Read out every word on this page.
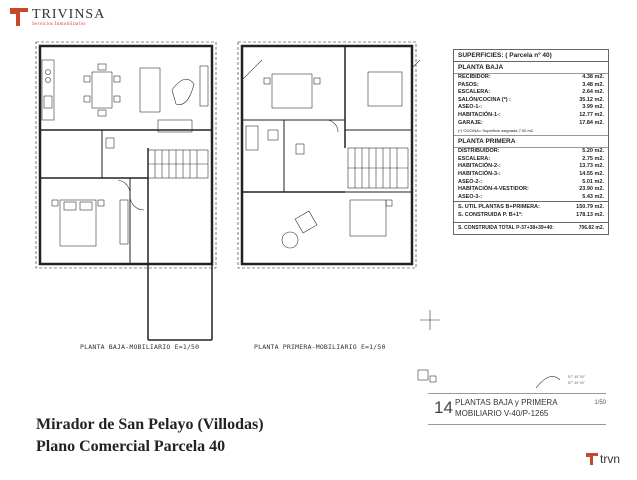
TRIVINSA
Servicios Inmobiliarios
57° 49' 00"
57° 49' 00"
PLANTA BAJA-MOBILIARIO E=1/50	PLANTA PRIMERA-MOBILIARIO E=1/50
SUPERFICIES: ( Parcela nº 40)
PLANTA BAJA
RECIBIDOR:	4.38 m2.
PASOS:	3.48 m2.
ESCALERA:	2.64 m2.
SALÓN/COCINA (*) :	35.12 m2.
ASEO-1-:	3.99 m2.
HABITACIÓN-1-:	12.77 m2.
GARAJE:	17.84 m2.
(*) COCINA= Superficie asignada 7.00 m2.
PLANTA PRIMERA
DISTRIBUIDOR:	5.20 m2.
ESCALERA:	2.75 m2.
HABITACIÓN-2-:	13.73 m2.
HABITACIÓN-3-:	14.55 m2.
ASEO-2-:	5.01 m2.
HABITACIÓN-4-VESTIDOR:	23.90 m2.
ASEO-3-:	5.43 m2.
S. UTIL PLANTAS B+PRIMERA:	150.79 m2.
S. CONSTRUIDA P. B+1ª:	178.13 m2.
S. CONSTRUIDA TOTAL P-37+38+39+40:	706.82 m2.
Mirador de San Pelayo (Villodas)
Plano Comercial Parcela 40
14 PLANTAS BAJA y PRIMERA
MOBILIARIO V-40/P-1265
1/50
trvn
